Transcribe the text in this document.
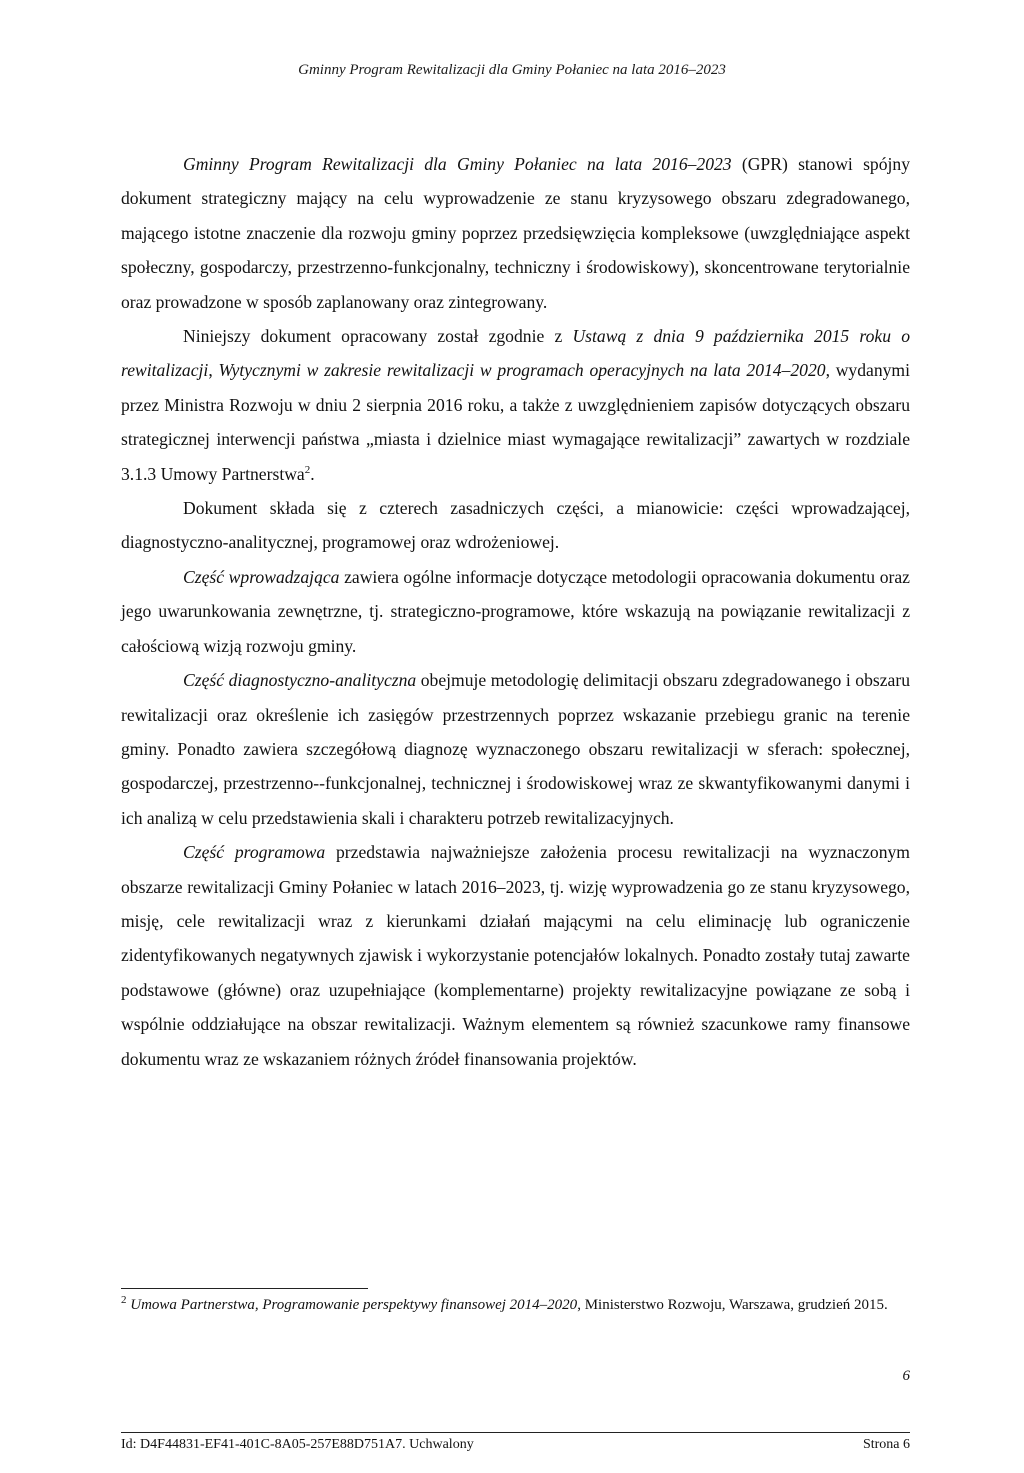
Gminny Program Rewitalizacji dla Gminy Połaniec na lata 2016–2023

Gminny Program Rewitalizacji dla Gminy Połaniec na lata 2016–2023 (GPR) stanowi spójny dokument strategiczny mający na celu wyprowadzenie ze stanu kryzysowego obszaru zdegradowanego, mającego istotne znaczenie dla rozwoju gminy poprzez przedsięwzięcia kompleksowe (uwzględniające aspekt społeczny, gospodarczy, przestrzenno-funkcjonalny, techniczny i środowiskowy), skoncentrowane terytorialnie oraz prowadzone w sposób zaplanowany oraz zintegrowany.

Niniejszy dokument opracowany został zgodnie z Ustawą z dnia 9 października 2015 roku o rewitalizacji, Wytycznymi w zakresie rewitalizacji w programach operacyjnych na lata 2014–2020, wydanymi przez Ministra Rozwoju w dniu 2 sierpnia 2016 roku, a także z uwzględnieniem zapisów dotyczących obszaru strategicznej interwencji państwa „miasta i dzielnice miast wymagające rewitalizacji” zawartych w rozdziale 3.1.3 Umowy Partnerstwa$^2$.

Dokument składa się z czterech zasadniczych części, a mianowicie: części wprowadzającej, diagnostyczno-analitycznej, programowej oraz wdrożeniowej.

Część wprowadzająca zawiera ogólne informacje dotyczące metodologii opracowania dokumentu oraz jego uwarunkowania zewnętrzne, tj. strategiczno-programowe, które wskazują na powiązanie rewitalizacji z całościową wizją rozwoju gminy.

Część diagnostyczno-analityczna obejmuje metodologię delimitacji obszaru zdegradowanego i obszaru rewitalizacji oraz określenie ich zasięgów przestrzennych poprzez wskazanie przebiegu granic na terenie gminy. Ponadto zawiera szczegółową diagnozę wyznaczonego obszaru rewitalizacji w sferach: społecznej, gospodarczej, przestrzenno--funkcjonalnej, technicznej i środowiskowej wraz ze skwantyfikowanymi danymi i ich analizą w celu przedstawienia skali i charakteru potrzeb rewitalizacyjnych.

Część programowa przedstawia najważniejsze założenia procesu rewitalizacji na wyznaczonym obszarze rewitalizacji Gminy Połaniec w latach 2016–2023, tj. wizję wyprowadzenia go ze stanu kryzysowego, misję, cele rewitalizacji wraz z kierunkami działań mającymi na celu eliminację lub ograniczenie zidentyfikowanych negatywnych zjawisk i wykorzystanie potencjałów lokalnych. Ponadto zostały tutaj zawarte podstawowe (główne) oraz uzupełniające (komplementarne) projekty rewitalizacyjne powiązane ze sobą i wspólnie oddziałujące na obszar rewitalizacji. Ważnym elementem są również szacunkowe ramy finansowe dokumentu wraz ze wskazaniem różnych źródeł finansowania projektów.

$^2$ Umowa Partnerstwa, Programowanie perspektywy finansowej 2014–2020, Ministerstwo Rozwoju, Warszawa, grudzień 2015.
6
Id: D4F44831-EF41-401C-8A05-257E88D751A7. Uchwalony	Strona 6
